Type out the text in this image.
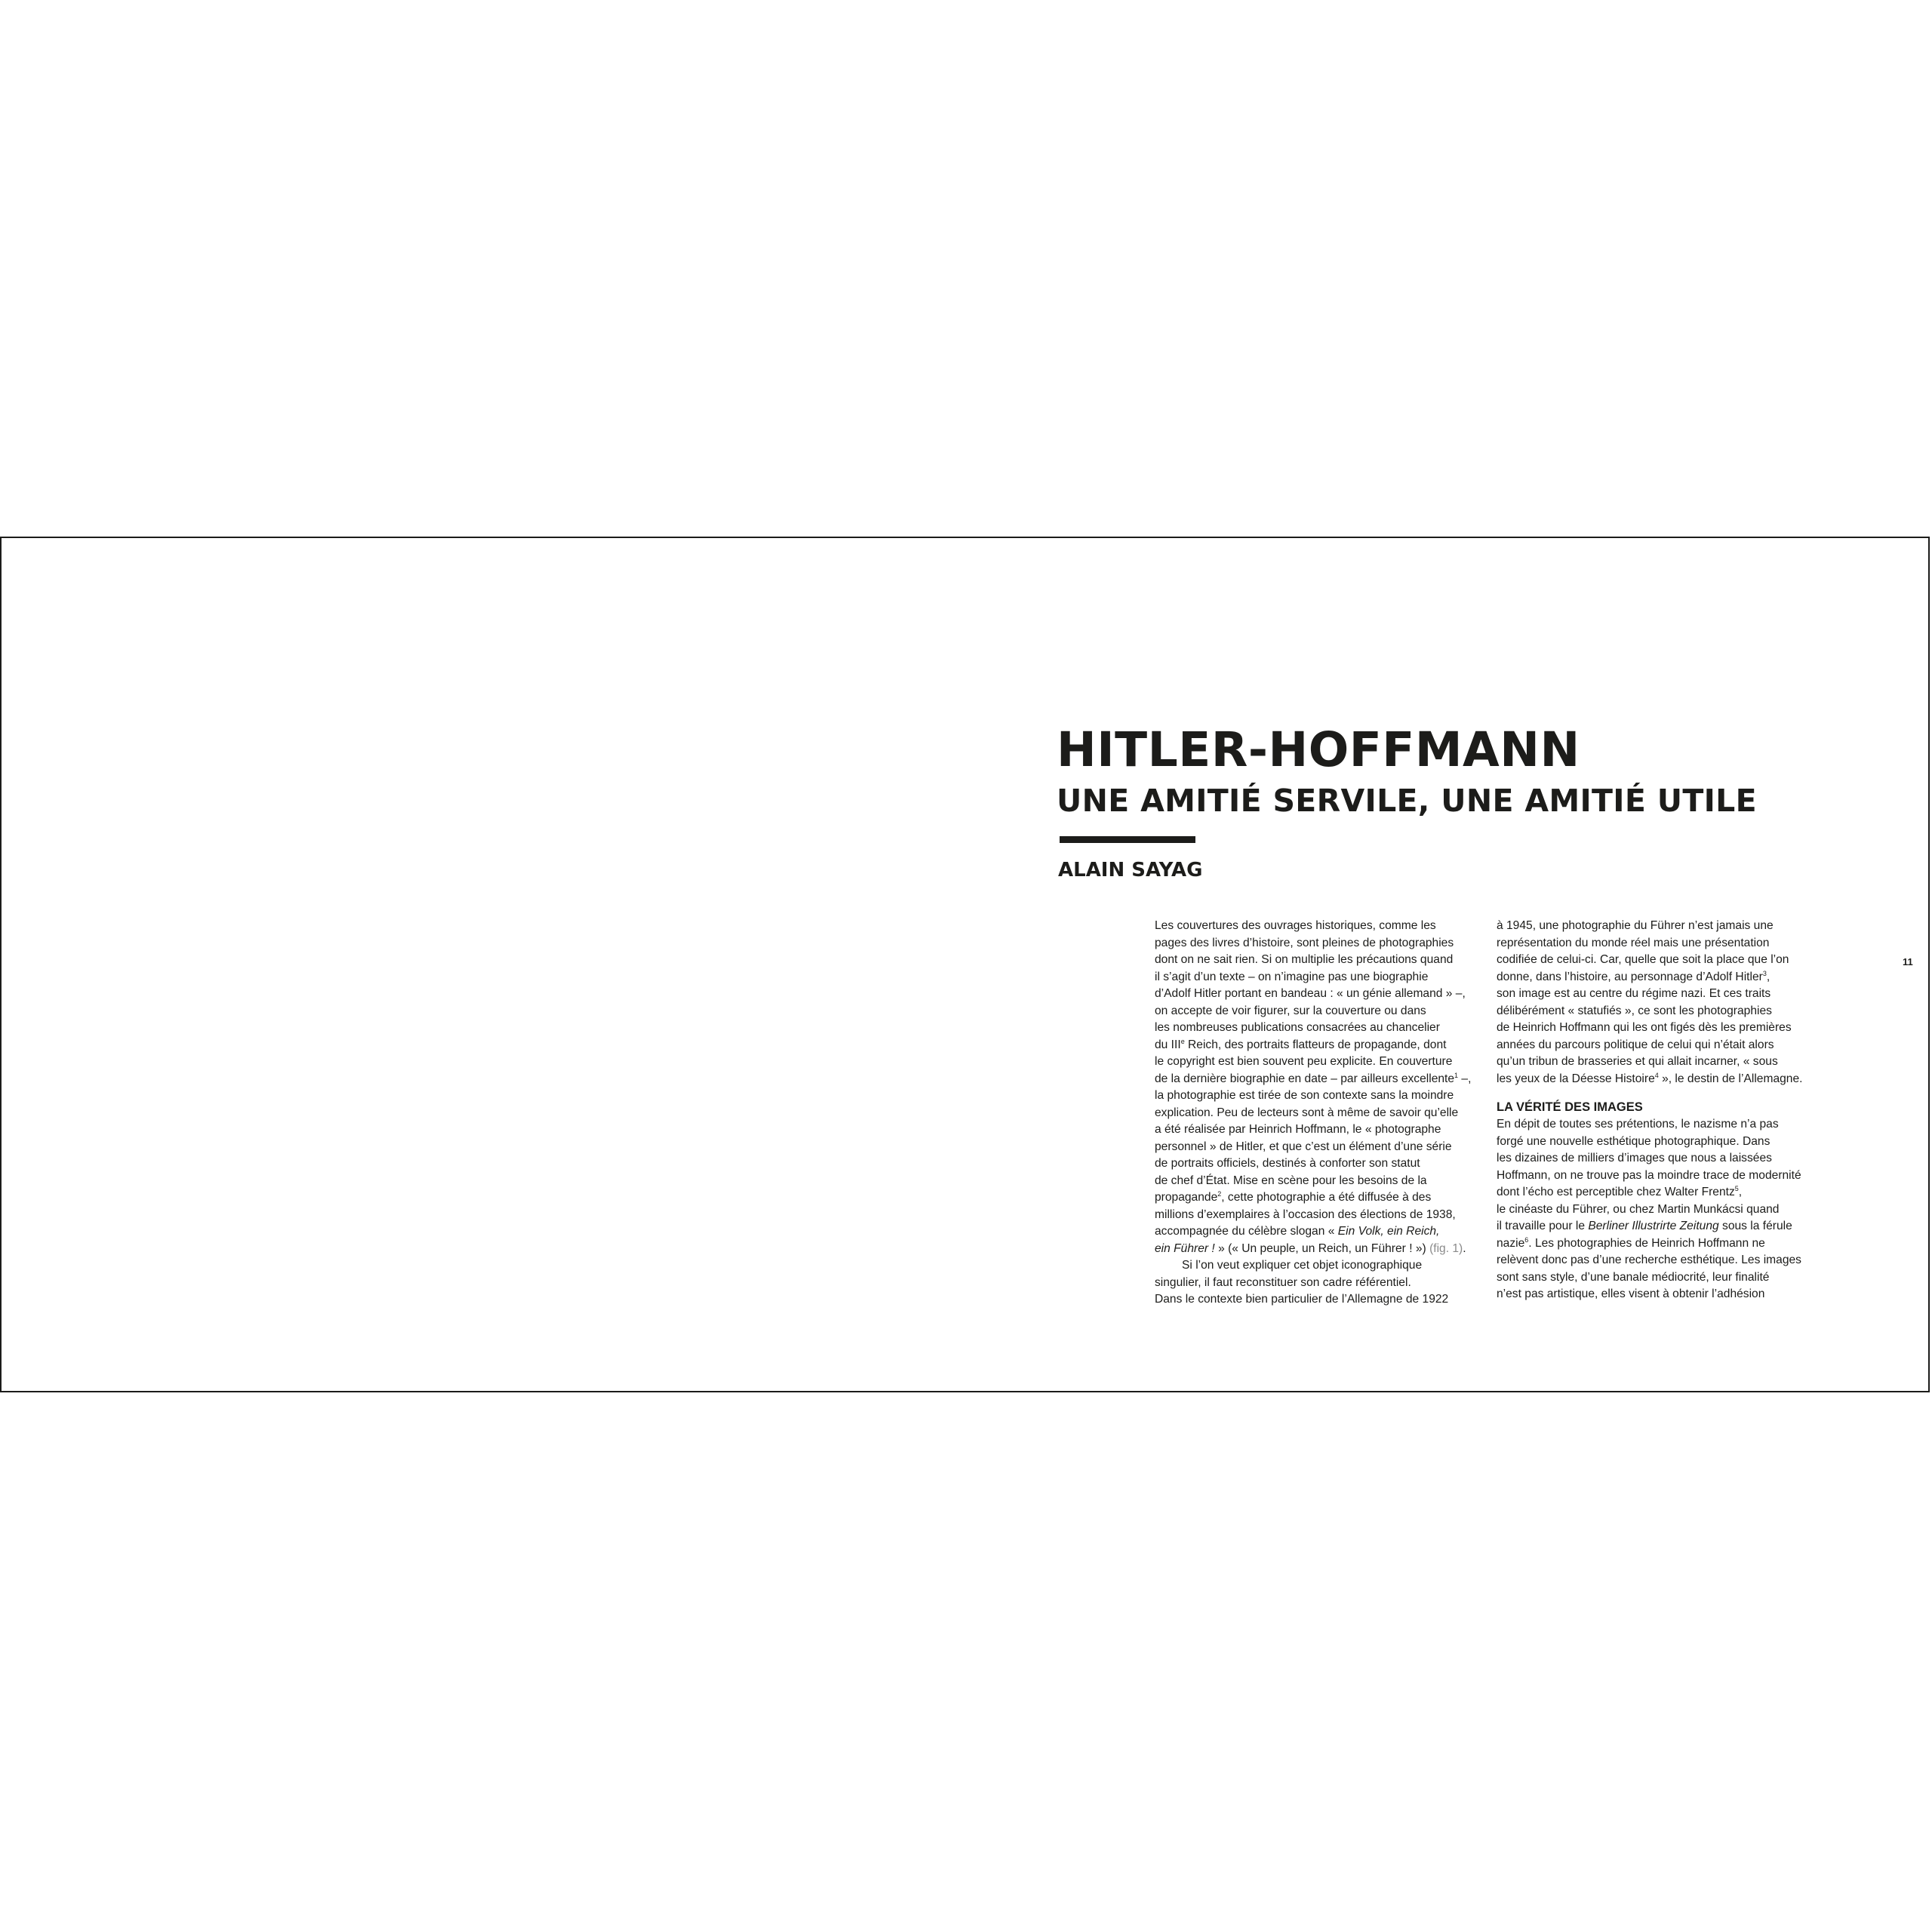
HITLER-HOFFMANN
UNE AMITIÉ SERVILE, UNE AMITIÉ UTILE
ALAIN SAYAG
Les couvertures des ouvrages historiques, comme les
pages des livres d’histoire, sont pleines de photographies
dont on ne sait rien. Si on multiplie les précautions quand
il s’agit d’un texte – on n’imagine pas une biographie
d’Adolf Hitler portant en bandeau : « un génie allemand » –,
on accepte de voir figurer, sur la couverture ou dans
les nombreuses publications consacrées au chancelier
du IIIe Reich, des portraits flatteurs de propagande, dont
le copyright est bien souvent peu explicite. En couverture
de la dernière biographie en date – par ailleurs excellente$^1$ –,
la photographie est tirée de son contexte sans la moindre
explication. Peu de lecteurs sont à même de savoir qu’elle
a été réalisée par Heinrich Hoffmann, le « photographe
personnel » de Hitler, et que c’est un élément d’une série
de portraits officiels, destinés à conforter son statut
de chef d’État. Mise en scène pour les besoins de la
propagande$^2$, cette photographie a été diffusée à des
millions d’exemplaires à l’occasion des élections de 1938,
accompagnée du célèbre slogan « Ein Volk, ein Reich,
ein Führer ! » (« Un peuple, un Reich, un Führer ! ») (fig. 1).
Si l’on veut expliquer cet objet iconographique
singulier, il faut reconstituer son cadre référentiel.
Dans le contexte bien particulier de l’Allemagne de 1922
à 1945, une photographie du Führer n’est jamais une
représentation du monde réel mais une présentation
codifiée de celui-ci. Car, quelle que soit la place que l’on
donne, dans l’histoire, au personnage d’Adolf Hitler$^3$,
son image est au centre du régime nazi. Et ces traits
délibérément « statufiés », ce sont les photographies
de Heinrich Hoffmann qui les ont figés dès les premières
années du parcours politique de celui qui n’était alors
qu’un tribun de brasseries et qui allait incarner, « sous
les yeux de la Déesse Histoire$^4$ », le destin de l’Allemagne.
LA VÉRITÉ DES IMAGES
En dépit de toutes ses prétentions, le nazisme n’a pas
forgé une nouvelle esthétique photographique. Dans
les dizaines de milliers d’images que nous a laissées
Hoffmann, on ne trouve pas la moindre trace de modernité
dont l’écho est perceptible chez Walter Frentz$^5$,
le cinéaste du Führer, ou chez Martin Munkácsi quand
il travaille pour le Berliner Illustrirte Zeitung sous la férule
nazie$^6$. Les photographies de Heinrich Hoffmann ne
relèvent donc pas d’une recherche esthétique. Les images
sont sans style, d’une banale médiocrité, leur finalité
n’est pas artistique, elles visent à obtenir l’adhésion
11
